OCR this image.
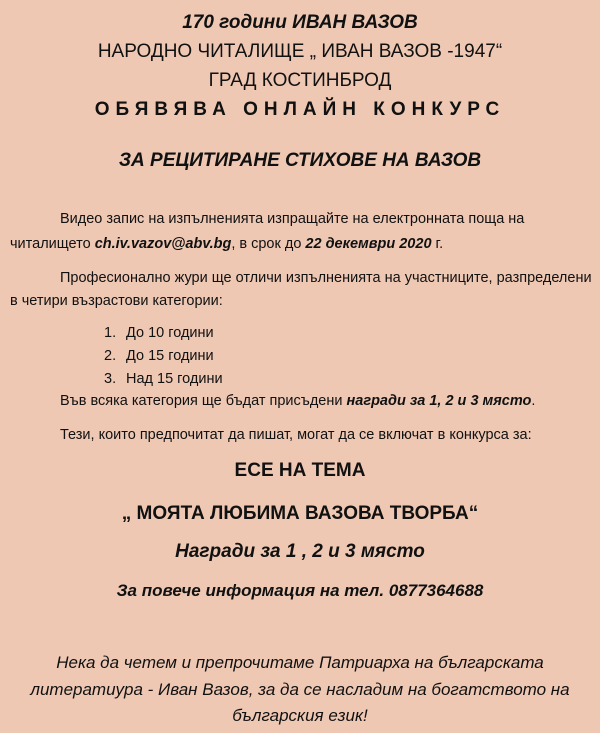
170 години ИВАН ВАЗОВ
НАРОДНО ЧИТАЛИЩЕ „ ИВАН ВАЗОВ -1947“
ГРАД КОСТИНБРОД
ОБЯВЯВА ОНЛАЙН КОНКУРС
ЗА РЕЦИТИРАНЕ СТИХОВЕ НА ВАЗОВ
Видео запис на изпълненията изпращайте на електронната поща на
читалището ch.iv.vazov@abv.bg, в срок до 22 декември 2020 г.
Професионално жури ще отличи изпълненията на участниците, разпределени
в четири възрастови категории:
1. До 10 години
2. До 15 години
3. Над 15 години
Във всяка категория ще бъдат присъдени награди за 1, 2 и 3 място.
Тези, които предпочитат да пишат, могат да се включат в конкурса за:
ЕСЕ НА ТЕМА
„ МОЯТА ЛЮБИМА ВАЗОВА ТВОРБА“
Награди за 1 , 2 и 3 място
За повече информация на тел. 0877364688
Нека да четем и препрочитаме Патриарха на българската
литератиура - Иван Вазов, за да се насладим на богатството на
българския език!
